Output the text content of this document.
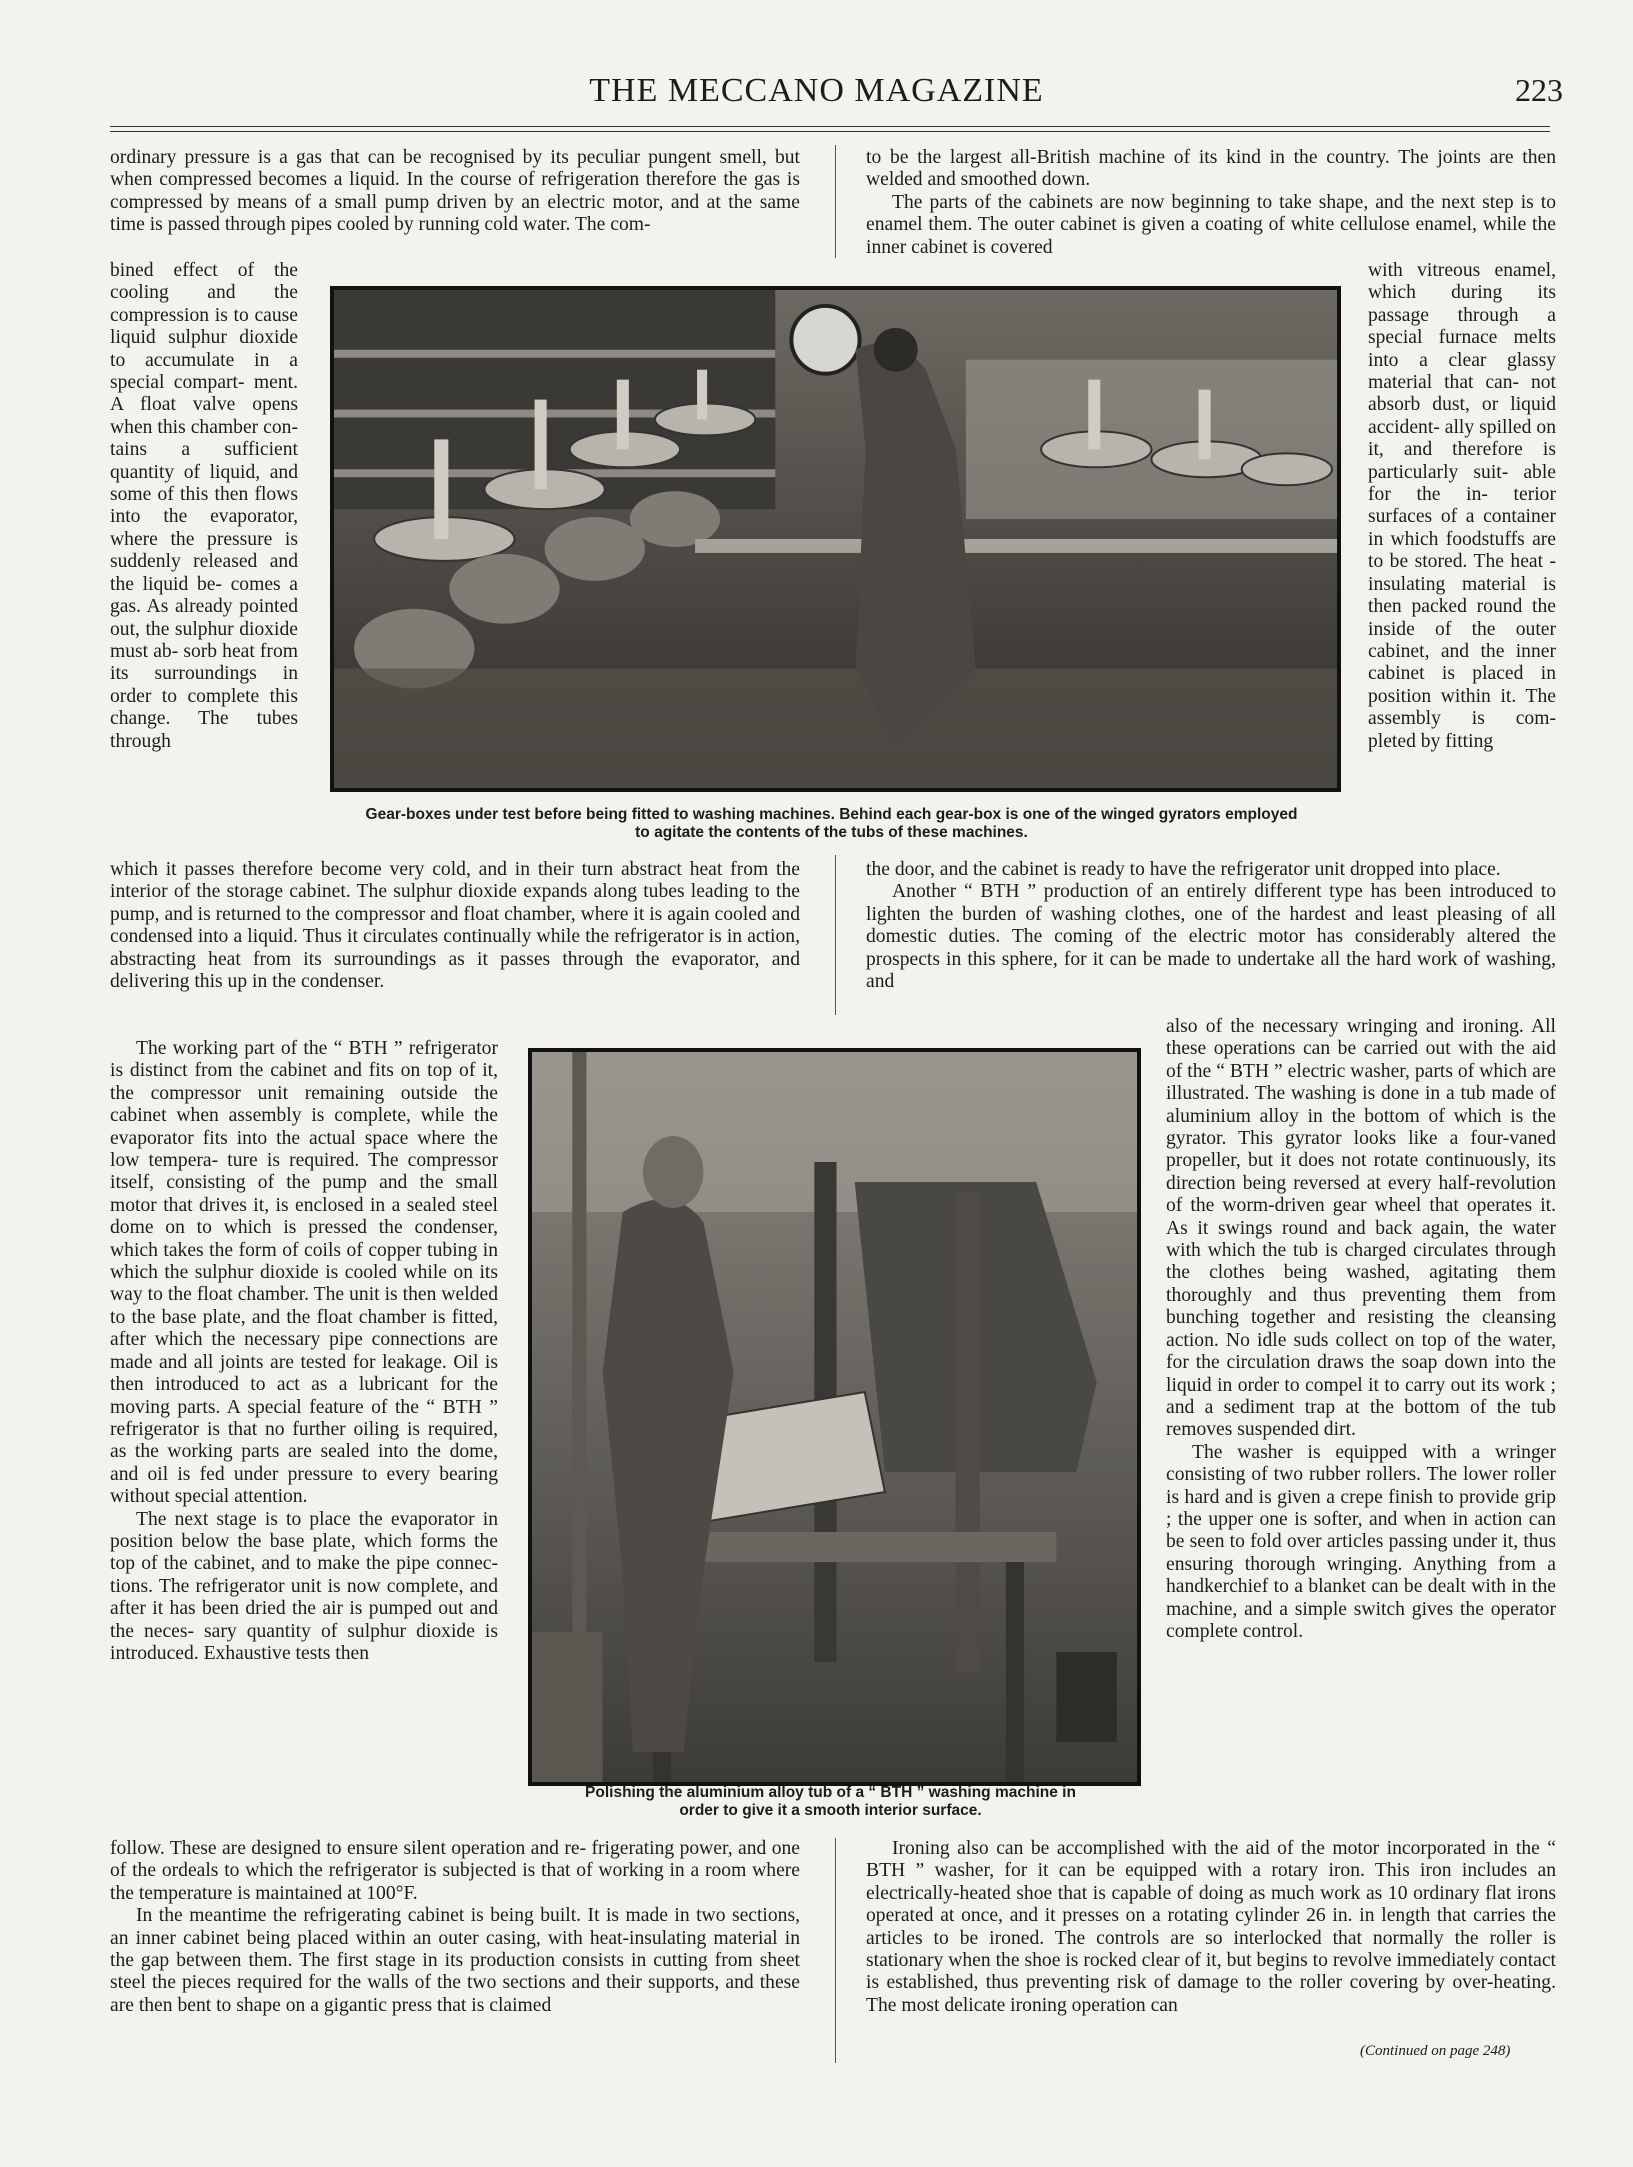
THE MECCANO MAGAZINE	223

ordinary pressure is a gas that can be recognised by its peculiar pungent smell, but when compressed becomes a liquid. In the course of refrigeration therefore the gas is compressed by means of a small pump driven by an electric motor, and at the same time is passed through pipes cooled by running cold water. The com-

bined effect of the cooling and the compression is to cause liquid sulphur dioxide to accumulate in a special compart- ment. A float valve opens when this chamber con- tains a sufficient quantity of liquid, and some of this then flows into the evaporator, where the pressure is suddenly released and the liquid be- comes a gas. As already pointed out, the sulphur dioxide must ab- sorb heat from its surroundings in order to complete this change. The tubes through

which it passes therefore become very cold, and in their turn abstract heat from the interior of the storage cabinet. The sulphur dioxide expands along tubes leading to the pump, and is returned to the compressor and float chamber, where it is again cooled and condensed into a liquid. Thus it circulates continually while the refrigerator is in action, abstracting heat from its surroundings as it passes through the evaporator, and delivering this up in the condenser.

The working part of the “ BTH ” refrigerator is distinct from the cabinet and fits on top of it, the compressor unit remaining outside the cabinet when assembly is complete, while the evaporator fits into the actual space where the low tempera- ture is required. The compressor itself, consisting of the pump and the small motor that drives it, is enclosed in a sealed steel dome on to which is pressed the condenser, which takes the form of coils of copper tubing in which the sulphur dioxide is cooled while on its way to the float chamber. The unit is then welded to the base plate, and the float chamber is fitted, after which the necessary pipe connections are made and all joints are tested for leakage. Oil is then introduced to act as a lubricant for the moving parts. A special feature of the “ BTH ” refrigerator is that no further oiling is required, as the working parts are sealed into the dome, and oil is fed under pressure to every bearing without special attention.

The next stage is to place the evaporator in position below the base plate, which forms the top of the cabinet, and to make the pipe connec- tions. The refrigerator unit is now complete, and after it has been dried the air is pumped out and the neces- sary quantity of sulphur dioxide is introduced. Exhaustive tests then

follow. These are designed to ensure silent operation and re- frigerating power, and one of the ordeals to which the refrigerator is subjected is that of working in a room where the temperature is maintained at 100°F.

In the meantime the refrigerating cabinet is being built. It is made in two sections, an inner cabinet being placed within an outer casing, with heat-insulating material in the gap between them. The first stage in its production consists in cutting from sheet steel the pieces required for the walls of the two sections and their supports, and these are then bent to shape on a gigantic press that is claimed

to be the largest all-British machine of its kind in the country. The joints are then welded and smoothed down.

The parts of the cabinets are now beginning to take shape, and the next step is to enamel them. The outer cabinet is given a coating of white cellulose enamel, while the inner cabinet is covered

with vitreous enamel, which during its passage through a special furnace melts into a clear glassy material that can- not absorb dust, or liquid accident- ally spilled on it, and therefore is particularly suit- able for the in- terior surfaces of a container in which foodstuffs are to be stored. The heat - insulating material is then packed round the inside of the outer cabinet, and the inner cabinet is placed in position within it. The assembly is com- pleted by fitting

the door, and the cabinet is ready to have the refrigerator unit dropped into place.

Another “ BTH ” production of an entirely different type has been introduced to lighten the burden of washing clothes, one of the hardest and least pleasing of all domestic duties. The coming of the electric motor has considerably altered the prospects in this sphere, for it can be made to undertake all the hard work of washing, and

also of the necessary wringing and ironing. All these operations can be carried out with the aid of the “ BTH ” electric washer, parts of which are illustrated. The washing is done in a tub made of aluminium alloy in the bottom of which is the gyrator. This gyrator looks like a four-vaned propeller, but it does not rotate continuously, its direction being reversed at every half-revolution of the worm-driven gear wheel that operates it. As it swings round and back again, the water with which the tub is charged circulates through the clothes being washed, agitating them thoroughly and thus preventing them from bunching together and resisting the cleansing action. No idle suds collect on top of the water, for the circulation draws the soap down into the liquid in order to compel it to carry out its work ; and a sediment trap at the bottom of the tub removes suspended dirt.

The washer is equipped with a wringer consisting of two rubber rollers. The lower roller is hard and is given a crepe finish to provide grip ; the upper one is softer, and when in action can be seen to fold over articles passing under it, thus ensuring thorough wringing. Anything from a handkerchief to a blanket can be dealt with in the machine, and a simple switch gives the operator complete control.

Ironing also can be accomplished with the aid of the motor incorporated in the “ BTH ” washer, for it can be equipped with a rotary iron. This iron includes an electrically-heated shoe that is capable of doing as much work as 10 ordinary flat irons operated at once, and it presses on a rotating cylinder 26 in. in length that carries the articles to be ironed. The controls are so interlocked that normally the roller is stationary when the shoe is rocked clear of it, but begins to revolve immediately contact is established, thus preventing risk of damage to the roller covering by over-heating. The most delicate ironing operation can

(Continued on page 248)
Gear-boxes under test before being fitted to washing machines. Behind each gear-box is one of the winged gyrators employed
to agitate the contents of the tubs of these machines.
Polishing the aluminium alloy tub of a “ BTH ” washing machine in
order to give it a smooth interior surface.
